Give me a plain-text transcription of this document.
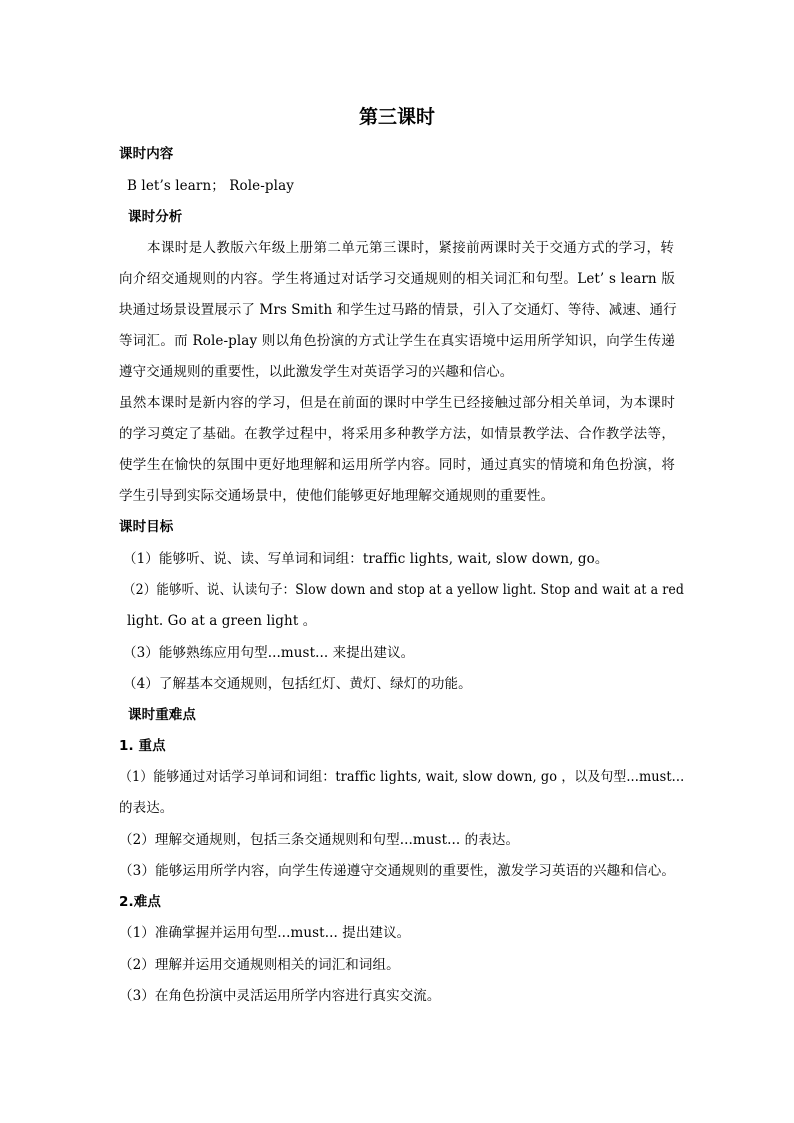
第三课时
课时内容
B let’s learn； Role-play
课时分析
本课时是人教版六年级上册第二单元第三课时，紧接前两课时关于交通方式的学习，转
向介绍交通规则的内容。学生将通过对话学习交通规则的相关词汇和句型。Let’ s learn 版
块通过场景设置展示了 Mrs Smith 和学生过马路的情景，引入了交通灯、等待、减速、通行
等词汇。而 Role-play 则以角色扮演的方式让学生在真实语境中运用所学知识，向学生传递
遵守交通规则的重要性，以此激发学生对英语学习的兴趣和信心。
虽然本课时是新内容的学习，但是在前面的课时中学生已经接触过部分相关单词，为本课时
的学习奠定了基础。在教学过程中，将采用多种教学方法，如情景教学法、合作教学法等，
使学生在愉快的氛围中更好地理解和运用所学内容。同时，通过真实的情境和角色扮演，将
学生引导到实际交通场景中，使他们能够更好地理解交通规则的重要性。
课时目标
（1）能够听、说、读、写单词和词组：traffic lights, wait, slow down, go。
（2）能够听、说、认读句子：Slow down and stop at a yellow light. Stop and wait at a red
light. Go at a green light 。
（3）能够熟练应用句型...must... 来提出建议。
（4）了解基本交通规则，包括红灯、黄灯、绿灯的功能。
课时重难点
1. 重点
（1）能够通过对话学习单词和词组：traffic lights, wait, slow down, go ，以及句型...must...
的表达。
（2）理解交通规则，包括三条交通规则和句型...must... 的表达。
（3）能够运用所学内容，向学生传递遵守交通规则的重要性，激发学习英语的兴趣和信心。
2.难点
（1）准确掌握并运用句型...must... 提出建议。
（2）理解并运用交通规则相关的词汇和词组。
（3）在角色扮演中灵活运用所学内容进行真实交流。
